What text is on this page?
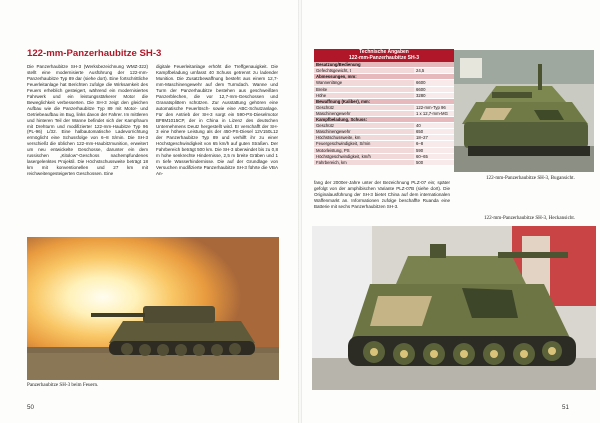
122-mm-Panzerhaubitze SH-3

Die Panzerhaubitze SH-3 (Werksbezeichnung WMZ-322) stellt eine modernisierte Ausführung der 122-mm-Panzerhaubitze Typ 89 dar (siehe dort). Eine fortschrittliche Feuerleitanlage hat Berichten zufolge die Wirksamkeit des Feuers erheblich gesteigert, während ein modernisiertes Fahrwerk und ein leistungsstärkerer Motor die Beweglichkeit verbesserten. Die SH-3 zeigt den gleichen Aufbau wie die Panzerhaubitze Typ 89 mit Motor- und Getriebeaufbau im Bug, links davon der Fahrer. Im mittleren und hinteren Teil der Wanne befindet sich der Kampfraum mit Drehturm und modifizierter 122-mm-Haubitze Typ 96 (PL-96) L/32. Eine halbautomatische Ladevorrichtung ermöglicht eine Schussfolge von 6–8 S/min. Die SH-3 verschießt die üblichen 122-mm-Haubitzmunition, erweitert um neu entwickelte Geschosse, darunter ein dem russischen „Kitolow“-Geschoss nachempfundenes lasergelenktes Projektil. Die Höchstschussweite beträgt 18 km mit konventionellen und 27 km mit reichweitengesteigerten Geschossen. Eine

digitale Feuerleitanlage erhöht die Treffgenauigkeit. Die Kampfbeladung umfasst 40 Schuss getrennt zu ladender Munition. Die Zusatzbewaffnung besteht aus einem 12,7-mm-Maschinengewehr auf dem Turmdach. Wanne und Turm der Panzerhaubitze bestehen aus geschweißten Panzerblechen, die vor 12,7-mm-Geschossen und Granatsplittern schützen. Zur Ausstattung gehören eine automatische Feuerlösch- sowie eine ABC-Schutzanlage. Für den Antrieb der SH-3 sorgt ein 590-PS-Dieselmotor BF8M1015CP, der in China in Lizenz des deutschen Unternehmens Deutz hergestellt wird. Er verschafft der SH-3 eine höhere Leistung als der 450-PS-Diesel 12V150L12 der Panzerhaubitze Typ 89 und verhilft ihr zu einer Höchstgeschwindigkeit von 65 km/h auf guten Straßen. Der Fahrbereich beträgt 500 km. Die SH-3 überwindet bis zu 0,8 m hohe senkrechte Hindernisse, 2,5 m breite Gräben und 1 m tiefe Wasserhindernisse. Die auf der Grundlage von Versuchen modifizierte Panzerhaubitze SH-3 führte die VBA An-

Panzerhaubitze SH-3 beim Feuern.
50
Technische Angaben
122-mm-Panzerhaubitze SH-3	

Besatzung/Bedienung	
Gefechtsgewicht, t	24,5
Abmessungen, mm:	
Wannenlänge	6600
Breite	6600
Höhe	3280
Bewaffnung (Kaliber), mm:	
Geschütz	122-mm-Typ 96
Maschinengewehr	1 x 12,7-mm-MG
Kampfbeladung, Schuss:	
Geschütz	40
Maschinengewehr	650
Höchstschussweite, km	18–27
Feuergeschwindigkeit, S/min	6–8
Motorleistung, PS	590
Höchstgeschwindigkeit, km/h	60–65
Fahrbereich, km	500
122-mm-Panzerhaubitze SH-3, Bugansicht.

fang der 2000er-Jahre unter der Bezeichnung PLZ-07 ein; später gefolgt von der amphibischen Variante PLZ-07B (siehe dort). Die Originalausführung der SH-3 bietet China auf dem internationalen Waffenmarkt an. Informationen zufolge beschaffte Ruanda eine Batterie mit sechs Panzerhaubitzen SH-3.

122-mm-Panzerhaubitze SH-3, Heckansicht.
51
